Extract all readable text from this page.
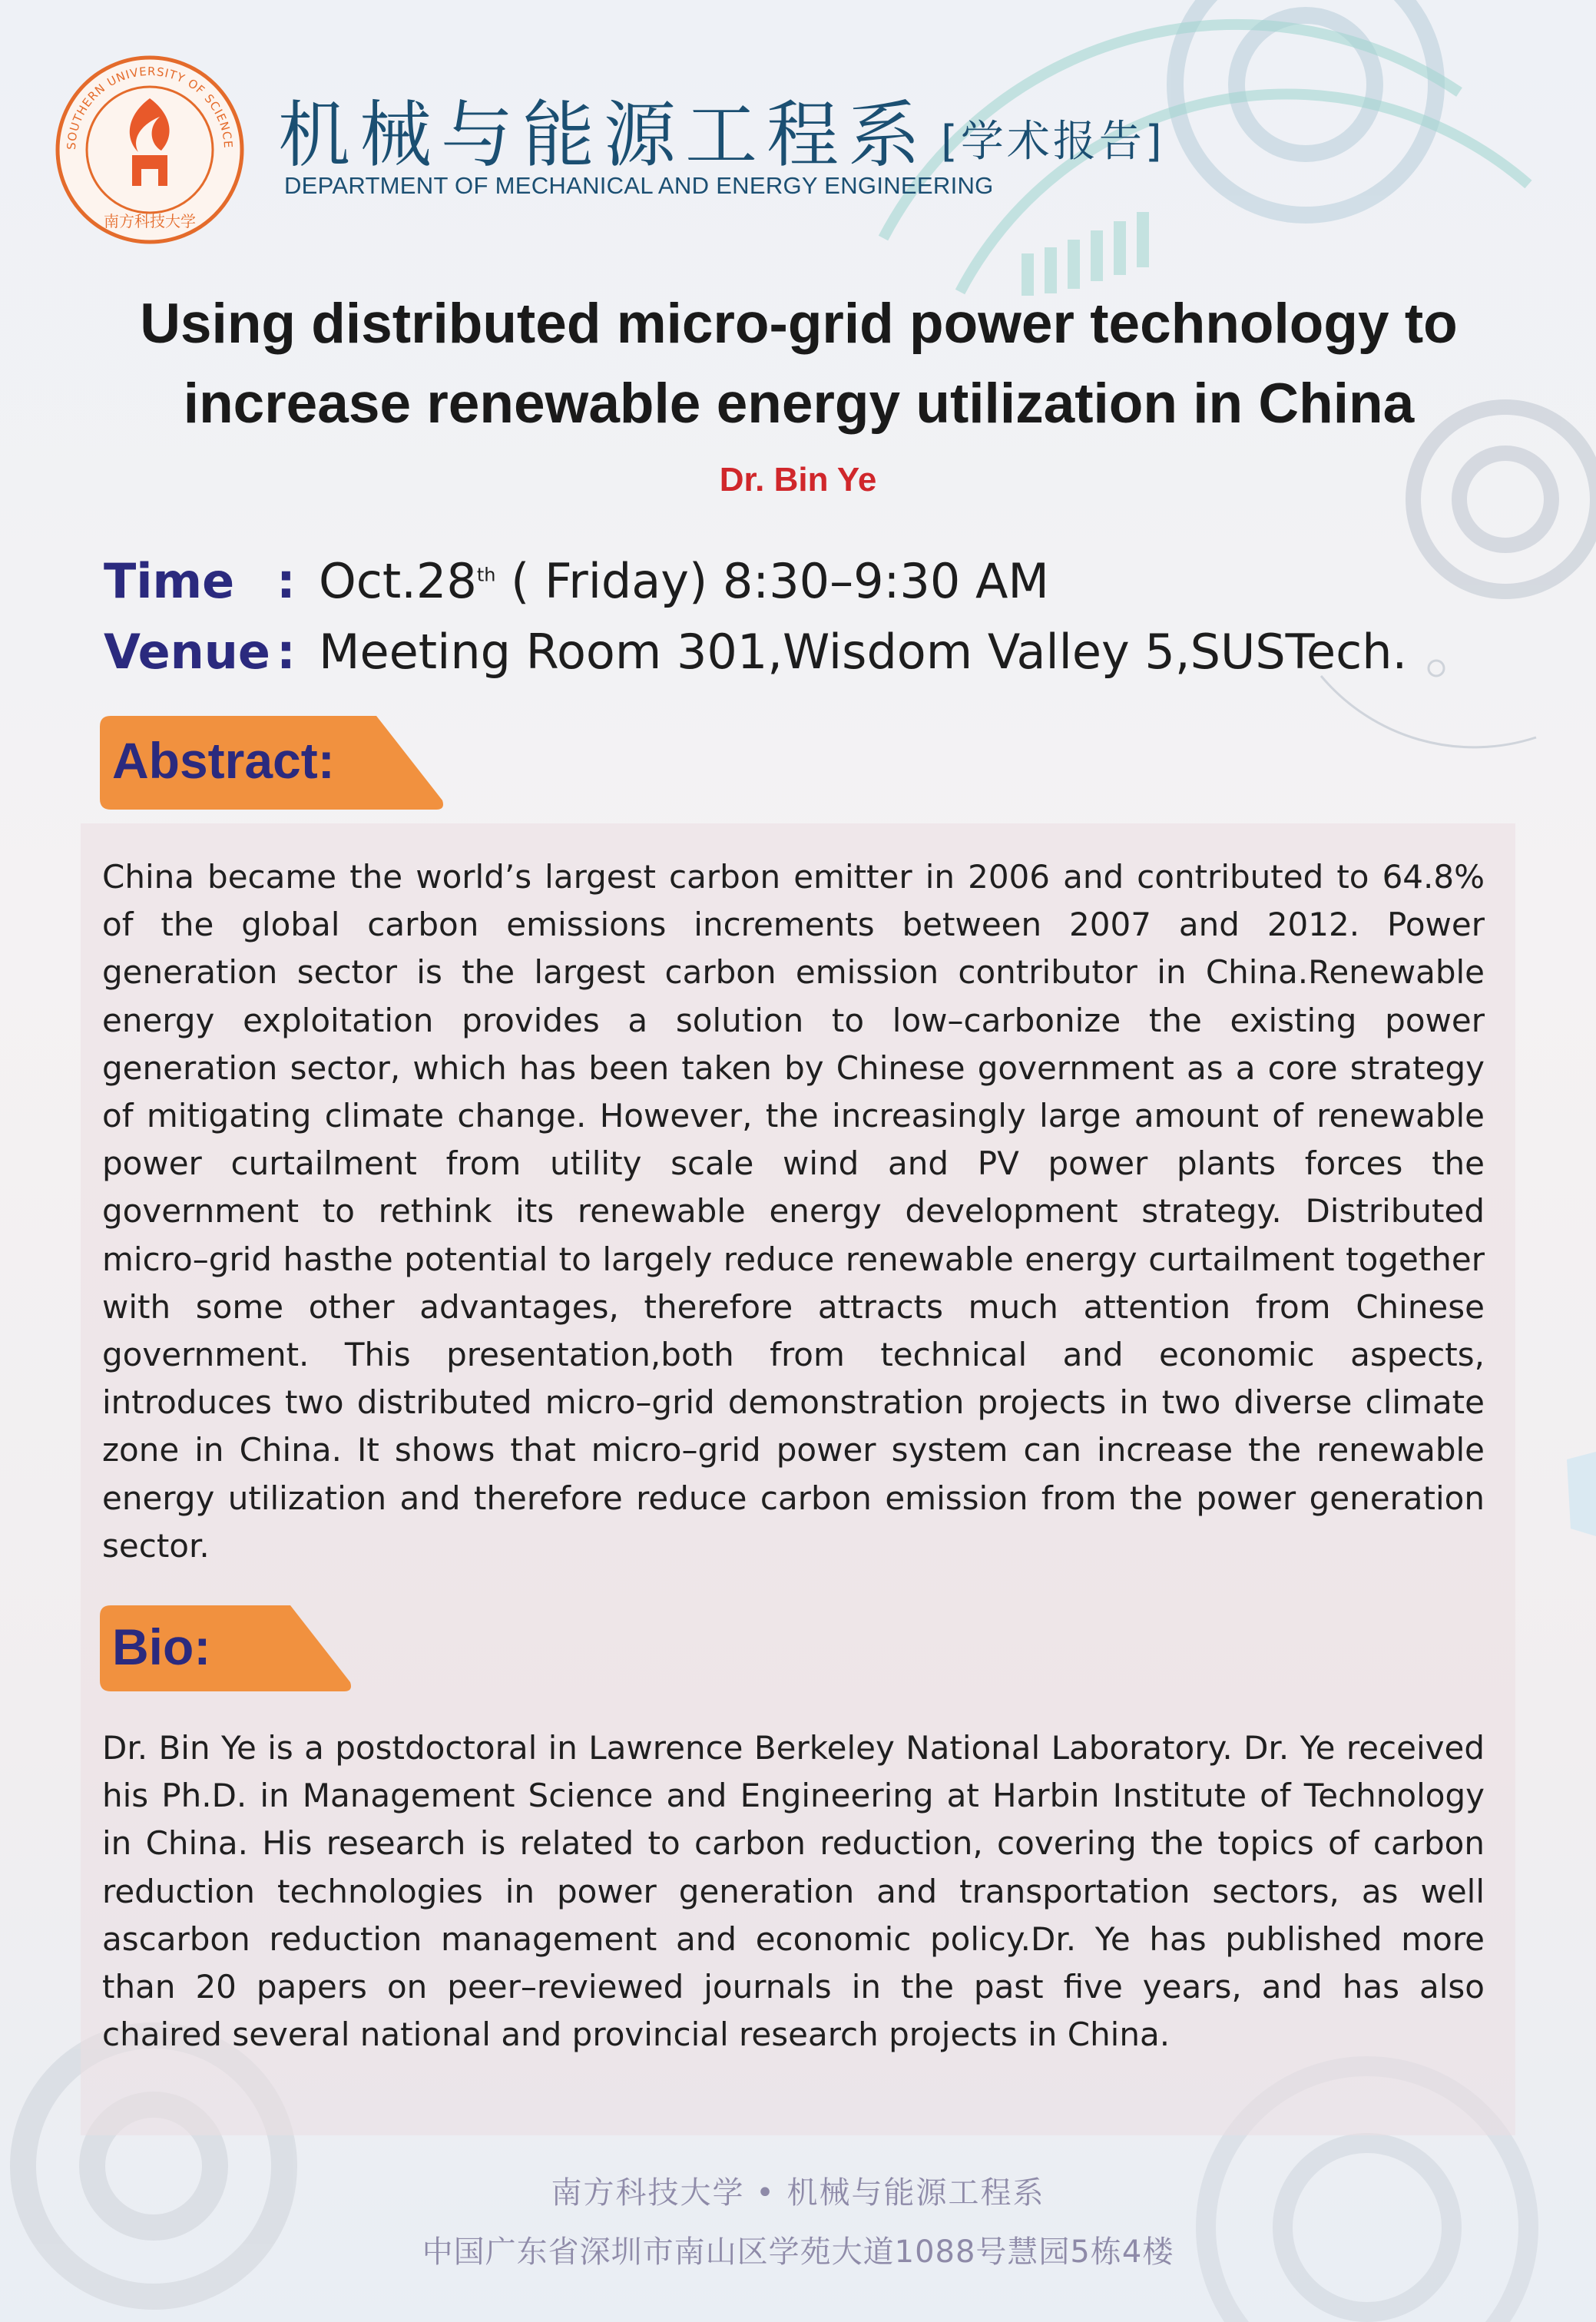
SOUTHERN UNIVERSITY OF SCIENCE
南方科技大学
机械与能源工程系 [学术报告]
DEPARTMENT OF MECHANICAL AND ENERGY ENGINEERING
Using distributed micro-grid power technology to
increase renewable energy utilization in China
Dr. Bin Ye
Time : Oct.28th ( Friday) 8:30–9:30 AM
Venue : Meeting Room 301,Wisdom Valley 5,SUSTech.
Abstract:
China became the world’s largest carbon emitter in 2006 and contributed to 64.8% of the global carbon emissions increments between 2007 and 2012. Power generation sector is the largest carbon emission contributor in China.Renewable energy exploitation provides a solution to low–carbonize the existing power generation sector, which has been taken by Chinese government as a core strategy of mitigating climate change. However, the increasingly large amount of renewable power curtailment from utility scale wind and PV power plants forces the government to rethink its renewable energy development strategy. Distributed micro–grid hasthe potential to largely reduce renewable energy curtailment together with some other advantages, therefore attracts much attention from Chinese government. This presentation,both from technical and economic aspects, introduces two distributed micro–grid demonstration projects in two diverse climate zone in China. It shows that micro–grid power system can increase the renewable energy utilization and therefore reduce carbon emission from the power generation sector.
Bio:
Dr. Bin Ye is a postdoctoral in Lawrence Berkeley National Laboratory. Dr. Ye received his Ph.D. in Management Science and Engineering at Harbin Institute of Technology in China. His research is related to carbon reduction, covering the topics of carbon reduction technologies in power generation and transportation sectors, as well ascarbon reduction management and economic policy.Dr. Ye has published more than 20 papers on peer–reviewed journals in the past five years, and has also chaired several national and provincial research projects in China.
南方科技大学 • 机械与能源工程系
中国广东省深圳市南山区学苑大道1088号慧园5栋4楼
